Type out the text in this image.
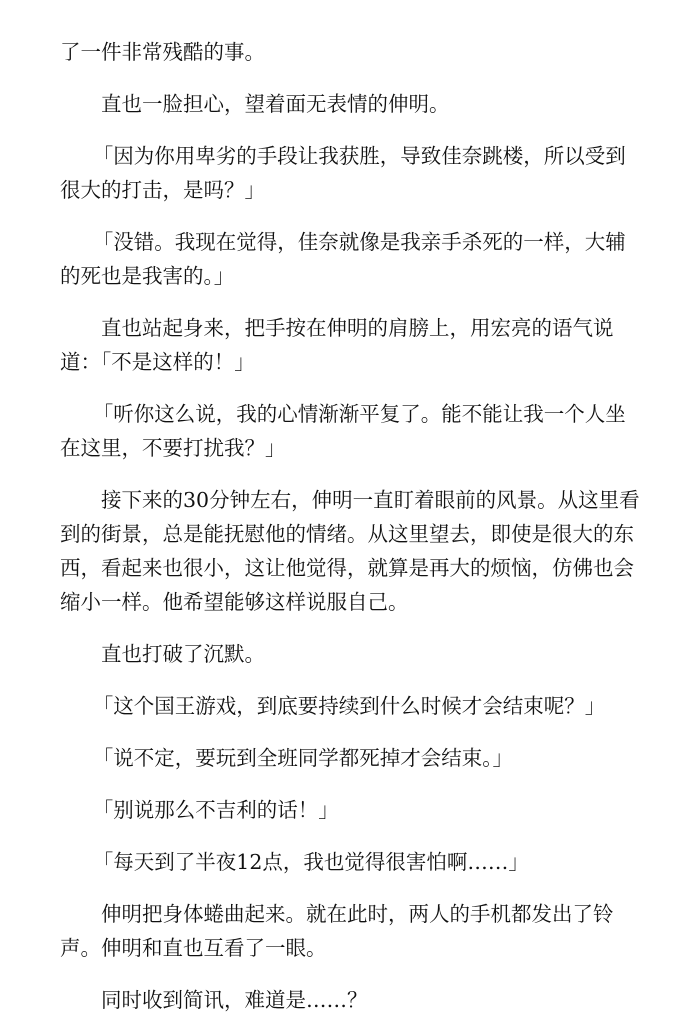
了一件非常残酷的事。

直也一脸担心，望着面无表情的伸明。

「因为你用卑劣的手段让我获胜，导致佳奈跳楼，所以受到很大的打击，是吗？」

「没错。我现在觉得，佳奈就像是我亲手杀死的一样，大辅的死也是我害的。」

直也站起身来，把手按在伸明的肩膀上，用宏亮的语气说道：「不是这样的！」

「听你这么说，我的心情渐渐平复了。能不能让我一个人坐在这里，不要打扰我？」

接下来的30分钟左右，伸明一直盯着眼前的风景。从这里看到的街景，总是能抚慰他的情绪。从这里望去，即使是很大的东西，看起来也很小，这让他觉得，就算是再大的烦恼，仿佛也会缩小一样。他希望能够这样说服自己。

直也打破了沉默。

「这个国王游戏，到底要持续到什么时候才会结束呢？」

「说不定，要玩到全班同学都死掉才会结束。」

「别说那么不吉利的话！」

「每天到了半夜12点，我也觉得很害怕啊……」

伸明把身体蜷曲起来。就在此时，两人的手机都发出了铃声。伸明和直也互看了一眼。

同时收到简讯，难道是……？
